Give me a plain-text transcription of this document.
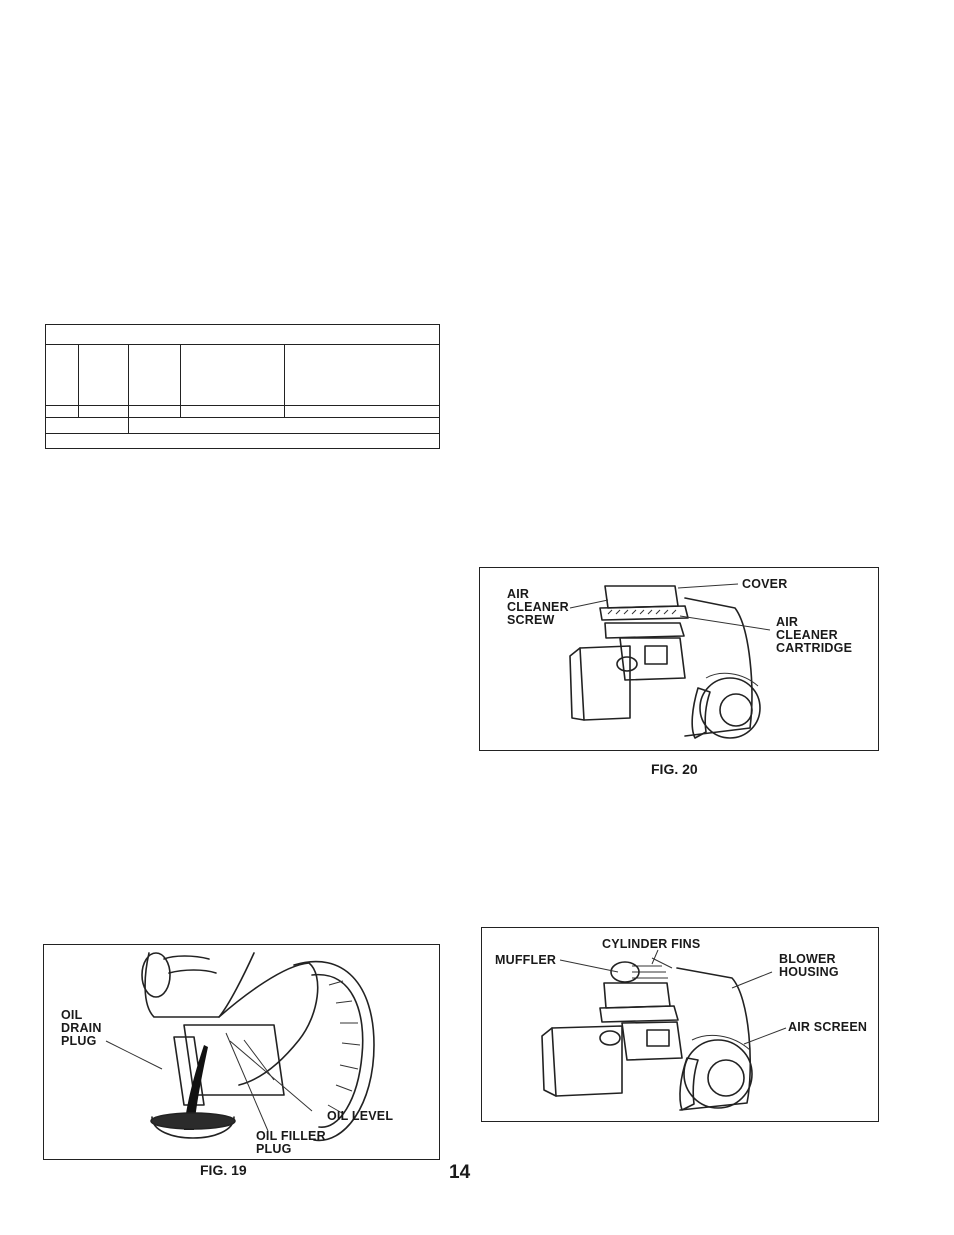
OIL
DRAIN
PLUG
OIL LEVEL
OIL FILLER
PLUG
FIG. 19
AIR
CLEANER
SCREW
COVER
AIR
CLEANER
CARTRIDGE
FIG. 20
MUFFLER
CYLINDER FINS
BLOWER
HOUSING
AIR SCREEN
14
